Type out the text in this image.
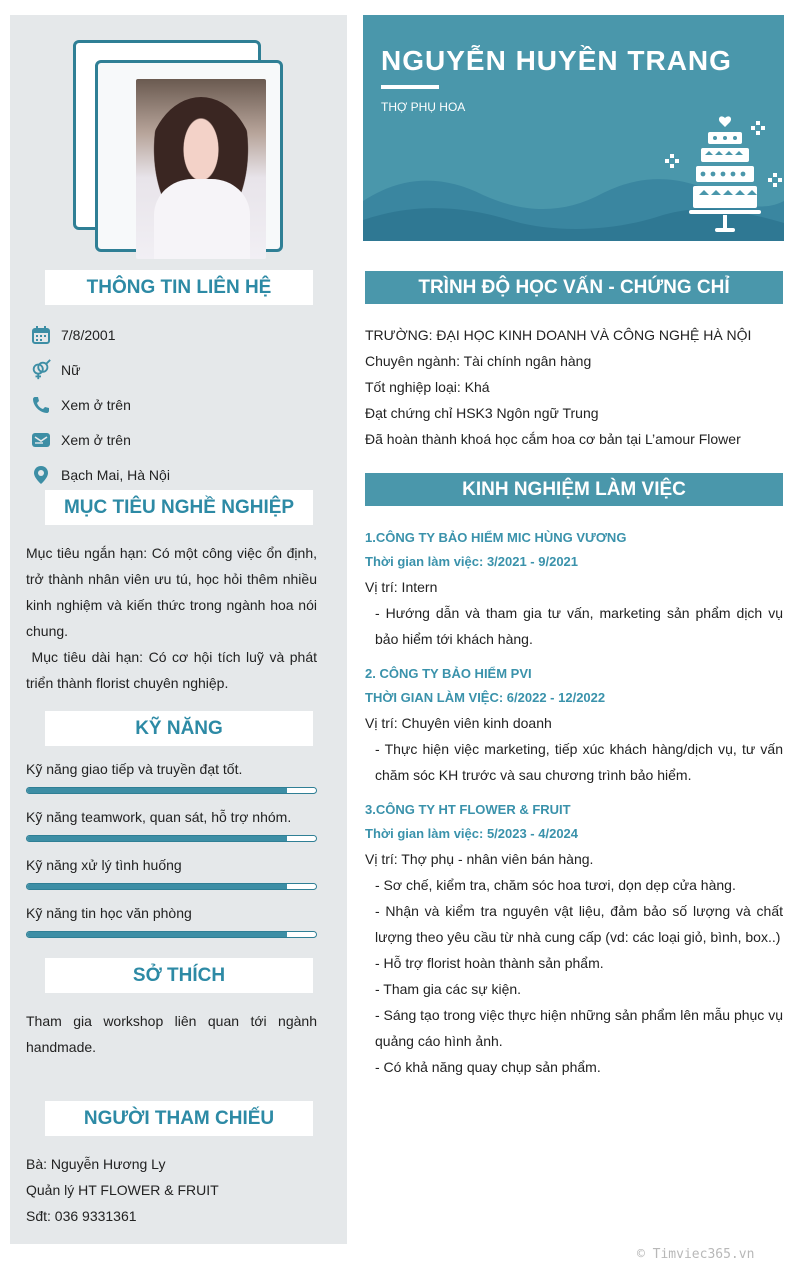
THÔNG TIN LIÊN HỆ
7/8/2001
Nữ
Xem ở trên
Xem ở trên
Bạch Mai, Hà Nội
MỤC TIÊU NGHỀ NGHIỆP
Mục tiêu ngắn hạn: Có một công việc ổn định, trở thành nhân viên ưu tú, học hỏi thêm nhiều kinh nghiệm và kiến thức trong ngành hoa nói chung.
Mục tiêu dài hạn: Có cơ hội tích luỹ và phát triển thành florist chuyên nghiệp.
KỸ NĂNG
Kỹ năng giao tiếp và truyền đạt tốt.
Kỹ năng teamwork, quan sát, hỗ trợ nhóm.
Kỹ năng xử lý tình huống
Kỹ năng tin học văn phòng
SỞ THÍCH
Tham gia workshop liên quan tới ngành handmade.
NGƯỜI THAM CHIẾU
Bà: Nguyễn Hương Ly
Quản lý HT FLOWER & FRUIT
Sđt: 036 9331361
NGUYỄN HUYỀN TRANG
THỢ PHỤ HOA
TRÌNH ĐỘ HỌC VẤN - CHỨNG CHỈ
TRƯỜNG: ĐẠI HỌC KINH DOANH VÀ CÔNG NGHỆ HÀ NỘI
Chuyên ngành: Tài chính ngân hàng
Tốt nghiệp loại: Khá
Đạt chứng chỉ HSK3 Ngôn ngữ Trung
Đã hoàn thành khoá học cắm hoa cơ bản tại L’amour Flower
KINH NGHIỆM LÀM VIỆC
1.CÔNG TY BẢO HIỂM MIC HÙNG VƯƠNG
Thời gian làm việc: 3/2021 - 9/2021
Vị trí: Intern
- Hướng dẫn và tham gia tư vấn, marketing sản phẩm dịch vụ bảo hiểm tới khách hàng.
2. CÔNG TY BẢO HIỂM PVI
THỜI GIAN LÀM VIỆC: 6/2022 - 12/2022
Vị trí: Chuyên viên kinh doanh
- Thực hiện việc marketing, tiếp xúc khách hàng/dịch vụ, tư vấn chăm sóc KH trước và sau chương trình bảo hiểm.
3.CÔNG TY HT FLOWER & FRUIT
Thời gian làm việc: 5/2023 - 4/2024
Vị trí: Thợ phụ - nhân viên bán hàng.
- Sơ chế, kiểm tra, chăm sóc hoa tươi, dọn dẹp cửa hàng.
- Nhận và kiểm tra nguyên vật liệu, đảm bảo số lượng và chất lượng theo yêu cầu từ nhà cung cấp (vd: các loại giỏ, bình, box..)
- Hỗ trợ florist hoàn thành sản phẩm.
- Tham gia các sự kiện.
- Sáng tạo trong việc thực hiện những sản phẩm lên mẫu phục vụ quảng cáo hình ảnh.
- Có khả năng quay chụp sản phẩm.
© Timviec365.vn
